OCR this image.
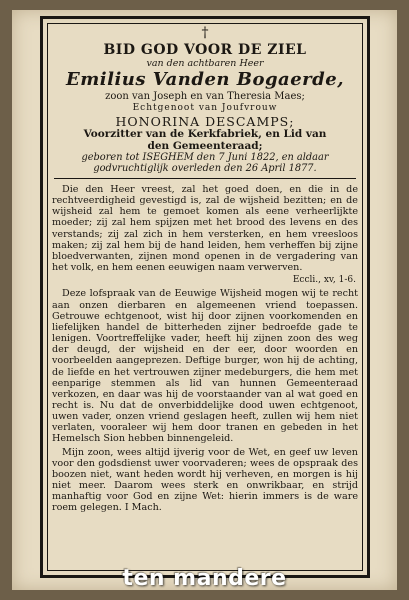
†
BID GOD VOOR DE ZIEL
van den achtbaren Heer
Emilius Vanden Bogaerde,
zoon van Joseph en van Theresia Maes;
Echtgenoot van Joufvrouw
HONORINA DESCAMPS;
Voorzitter van de Kerkfabriek, en Lid van
den Gemeenteraad;
geboren tot ISEGHEM den 7 Juni 1822, en aldaar
godvruchtiglijk overleden den 26 April 1877.

Die den Heer vreest, zal het goed doen, en die in de rechtveerdigheid gevestigd is, zal de wijsheid bezitten; en de wijsheid zal hem te gemoet komen als eene verheerlijkte moeder; zij zal hem spijzen met het brood des levens en des verstands; zij zal zich in hem versterken, en hem vreesloos maken; zij zal hem bij de hand leiden, hem verheffen bij zijne bloedverwanten, zijnen mond openen in de vergadering van het volk, en hem eenen eeuwigen naam verwerven.

Eccli., xv, 1-6.

Deze lofspraak van de Eeuwige Wijsheid mogen wij te recht aan onzen dierbaren en algemeenen vriend toepassen. Getrouwe echtgenoot, wist hij door zijnen voorkomenden en liefelijken handel de bitterheden zijner bedroefde gade te lenigen. Voortreffelijke vader, heeft hij zijnen zoon des weg der deugd, der wijsheid en der eer, door woorden en voorbeelden aangeprezen. Deftige burger, won hij de achting, de liefde en het vertrouwen zijner medeburgers, die hem met eenparige stemmen als lid van hunnen Gemeenteraad verkozen, en daar was hij de voorstaander van al wat goed en recht is. Nu dat de onverbiddelijke dood uwen echtgenoot, uwen vader, onzen vriend geslagen heeft, zullen wij hem niet verlaten, vooraleer wij hem door tranen en gebeden in het Hemelsch Sion hebben binnengeleid.

Mijn zoon, wees altijd ijverig voor de Wet, en geef uw leven voor den godsdienst uwer voorvaderen; wees de opspraak des boozen niet, want heden wordt hij verheven, en morgen is hij niet meer. Daarom wees sterk en onwrikbaar, en strijd manhaftig voor God en zijne Wet: hierin immers is de ware roem gelegen. I Mach.

ten mandere
